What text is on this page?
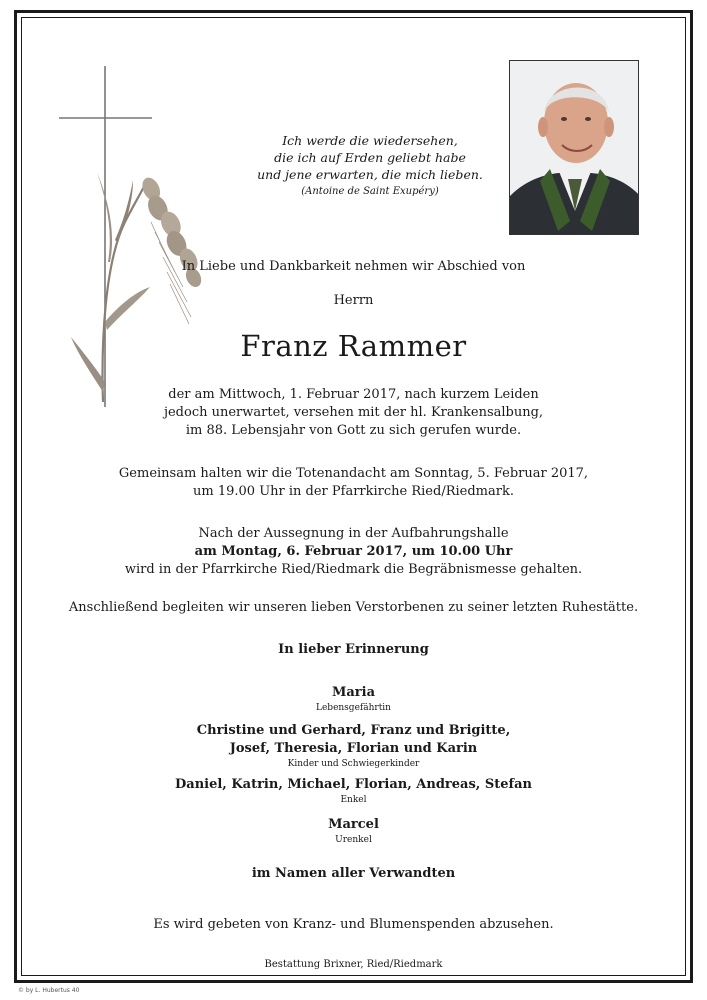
Ich werde die wiedersehen,
die ich auf Erden geliebt habe
und jene erwarten, die mich lieben.
(Antoine de Saint Exupéry)
In Liebe und Dankbarkeit nehmen wir Abschied von
Herrn
Franz Rammer
der am Mittwoch, 1. Februar 2017, nach kurzem Leiden
jedoch unerwartet, versehen mit der hl. Krankensalbung,
im 88. Lebensjahr von Gott zu sich gerufen wurde.
Gemeinsam halten wir die Totenandacht am Sonntag, 5. Februar 2017,
um 19.00 Uhr in der Pfarrkirche Ried/Riedmark.
Nach der Aussegnung in der Aufbahrungshalle
am Montag, 6. Februar 2017, um 10.00 Uhr
wird in der Pfarrkirche Ried/Riedmark die Begräbnismesse gehalten.
Anschließend begleiten wir unseren lieben Verstorbenen zu seiner letzten Ruhestätte.
In lieber Erinnerung
Maria
Lebensgefährtin
Christine und Gerhard, Franz und Brigitte,
Josef, Theresia, Florian und Karin
Kinder und Schwiegerkinder
Daniel, Katrin, Michael, Florian, Andreas, Stefan
Enkel
Marcel
Urenkel
im Namen aller Verwandten
Es wird gebeten von Kranz- und Blumenspenden abzusehen.
Bestattung Brixner, Ried/Riedmark
© by L. Hubertus 40
